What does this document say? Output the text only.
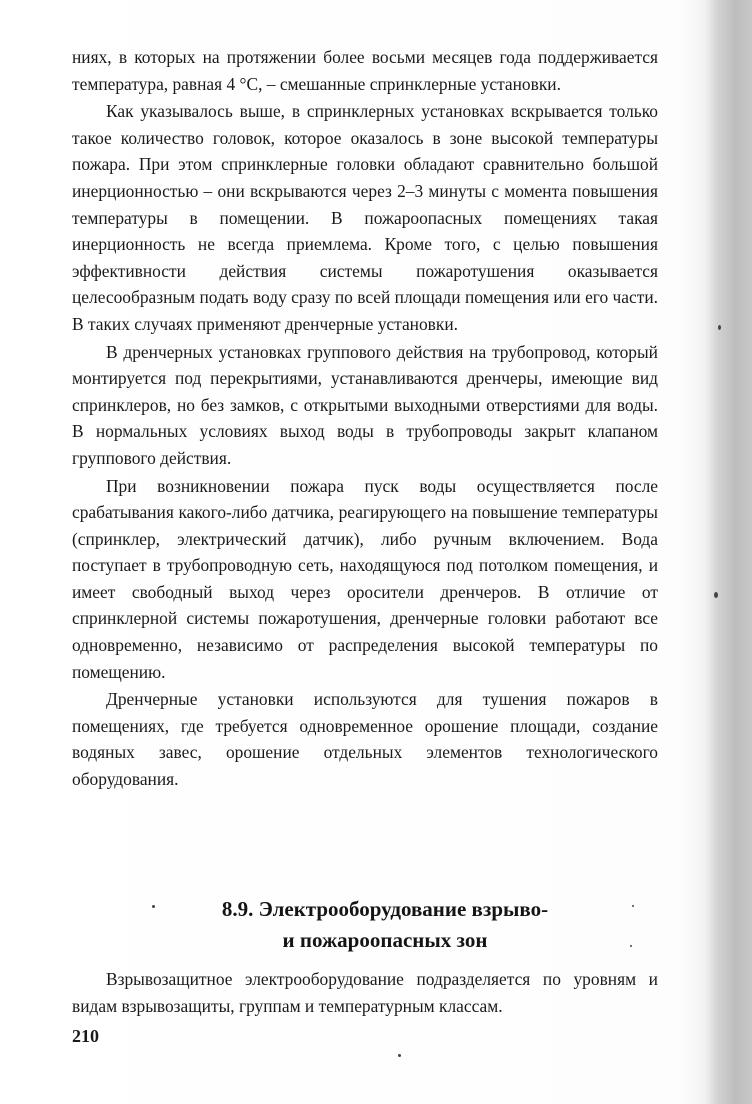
ниях, в которых на протяжении более восьми месяцев года поддерживается температура, равная 4 °С, – смешанные спринклерные установки.

Как указывалось выше, в спринклерных установках вскрывается только такое количество головок, которое оказалось в зоне высокой температуры пожара. При этом спринклерные головки обладают сравнительно большой инерционностью – они вскрываются через 2–3 минуты с момента повышения температуры в помещении. В пожароопасных помещениях такая инерционность не всегда приемлема. Кроме того, с целью повышения эффективности действия системы пожаротушения оказывается целесообразным подать воду сразу по всей площади помещения или его части. В таких случаях применяют дренчерные установки.

В дренчерных установках группового действия на трубопровод, который монтируется под перекрытиями, устанавливаются дренчеры, имеющие вид спринклеров, но без замков, с открытыми выходными отверстиями для воды. В нормальных условиях выход воды в трубопроводы закрыт клапаном группового действия.

При возникновении пожара пуск воды осуществляется после срабатывания какого-либо датчика, реагирующего на повышение температуры (спринклер, электрический датчик), либо ручным включением. Вода поступает в трубопроводную сеть, находящуюся под потолком помещения, и имеет свободный выход через оросители дренчеров. В отличие от спринклерной системы пожаротушения, дренчерные головки работают все одновременно, независимо от распределения высокой температуры по помещению.

Дренчерные установки используются для тушения пожаров в помещениях, где требуется одновременное орошение площади, создание водяных завес, орошение отдельных элементов технологического оборудования.

8.9. Электрооборудование взрыво-
и пожароопасных зон

Взрывозащитное электрооборудование подразделяется по уровням и видам взрывозащиты, группам и температурным классам.

210
